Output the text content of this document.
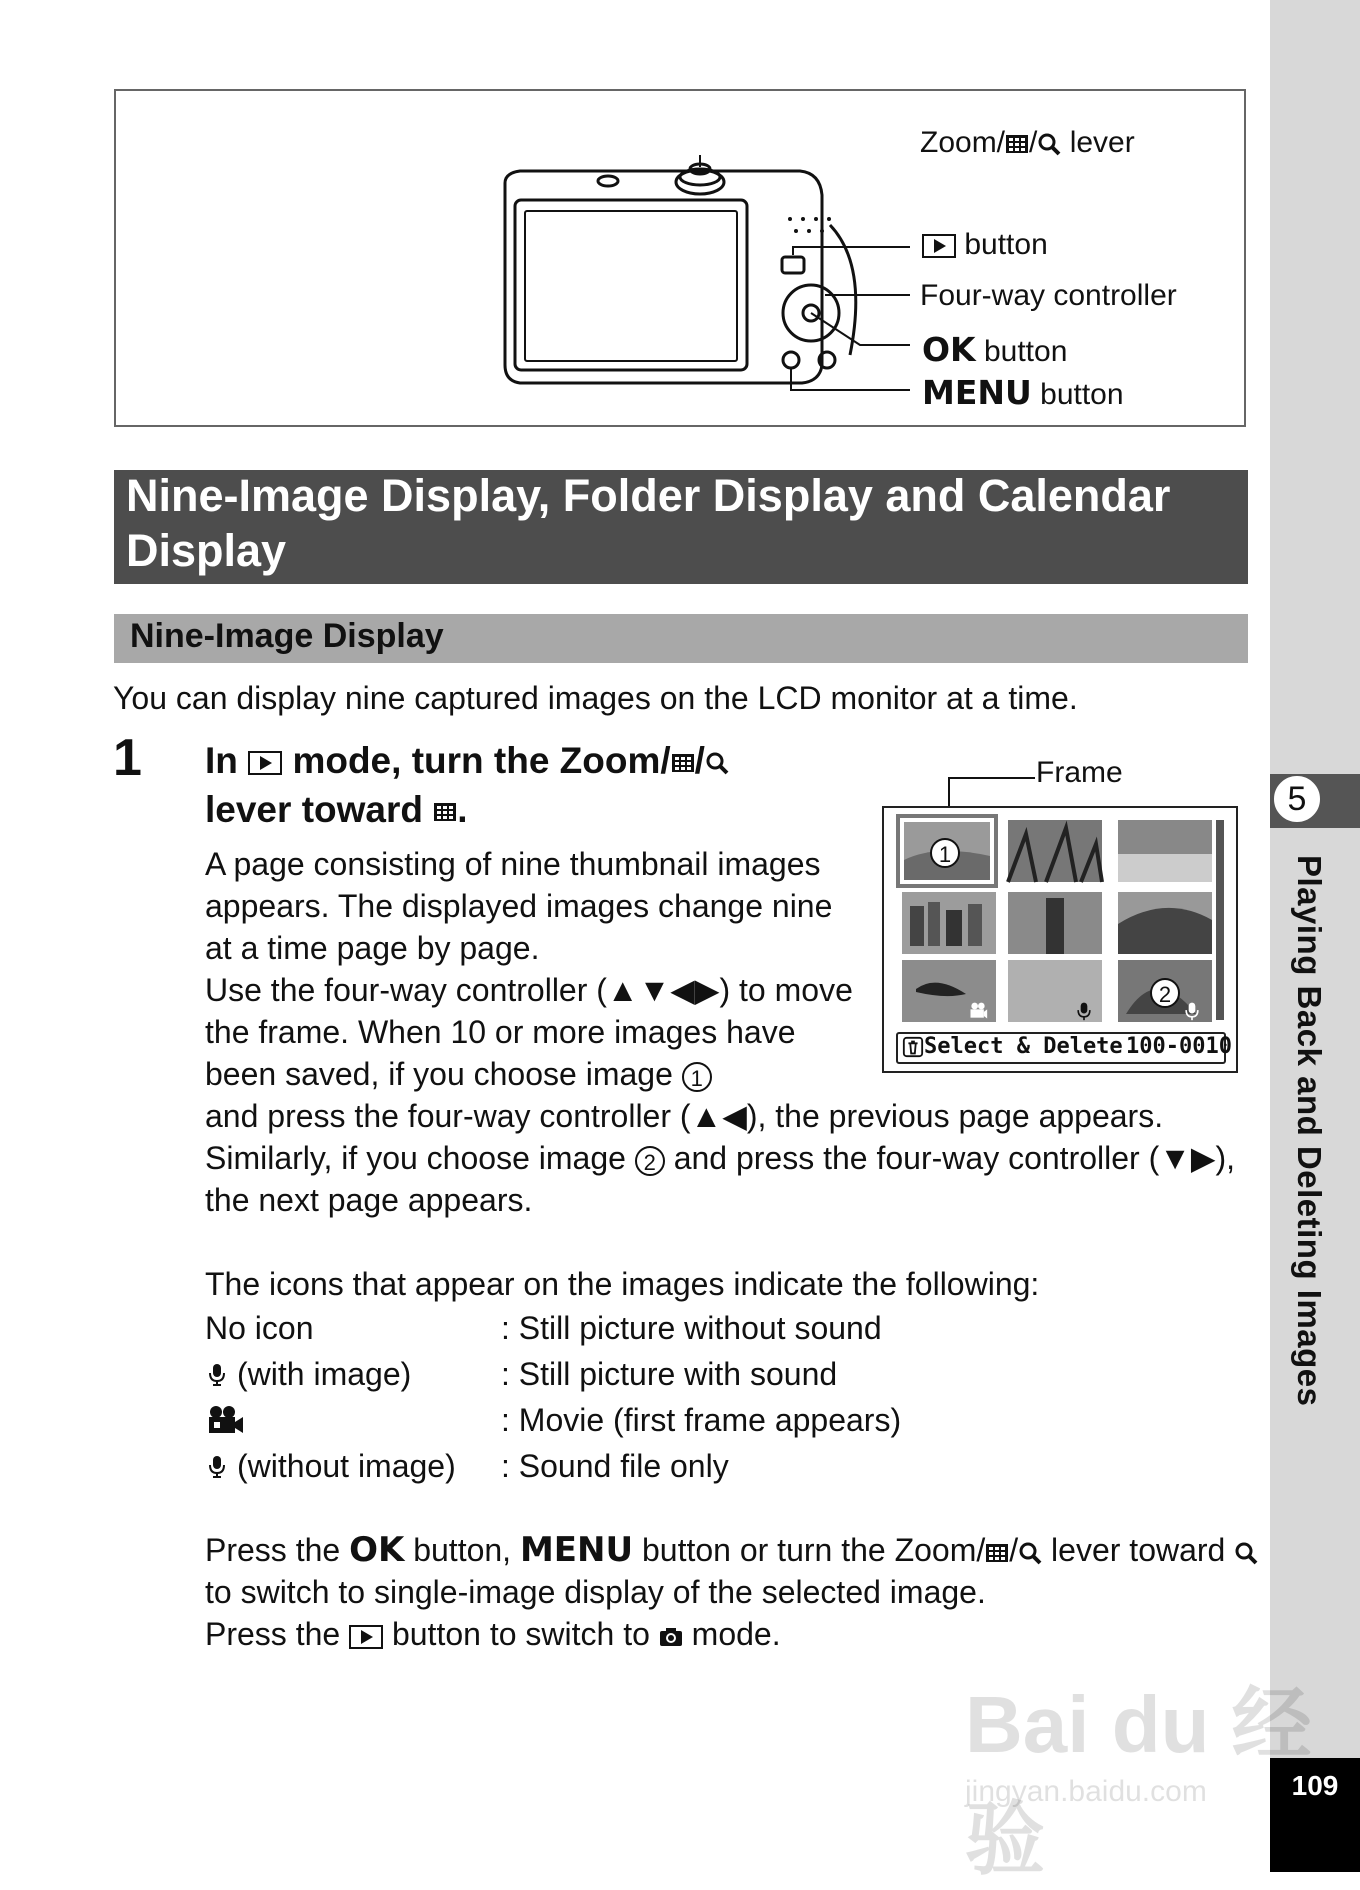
5
Playing Back and Deleting Images
109
Zoom/ / lever
button
Four-way controller
OK button
MENU button
Nine-Image Display, Folder Display and Calendar Display
Nine-Image Display
You can display nine captured images on the LCD monitor at a time.
1 In mode, turn the Zoom/ /
lever toward .
A page consisting of nine thumbnail images appears. The displayed images change nine at a time page by page.
Use the four-way controller (▲▼◀▶) to move the frame. When 10 or more images have been saved, if you choose image 1
and press the four-way controller (▲◀), the previous page appears. Similarly, if you choose image 2 and press the four-way controller (▼▶), the next page appears.
The icons that appear on the images indicate the following:
No icon	: Still picture without sound
(with image)	: Still picture with sound
: Movie (first frame appears)
(without image) : Sound file only
Press the OK button, MENU button or turn the Zoom/ / lever toward  to switch to single-image display of the selected image.
Press the button to switch to mode.
Frame
1
2
Select & Delete 100-0010
Bai du 经验
jingyan.baidu.com
